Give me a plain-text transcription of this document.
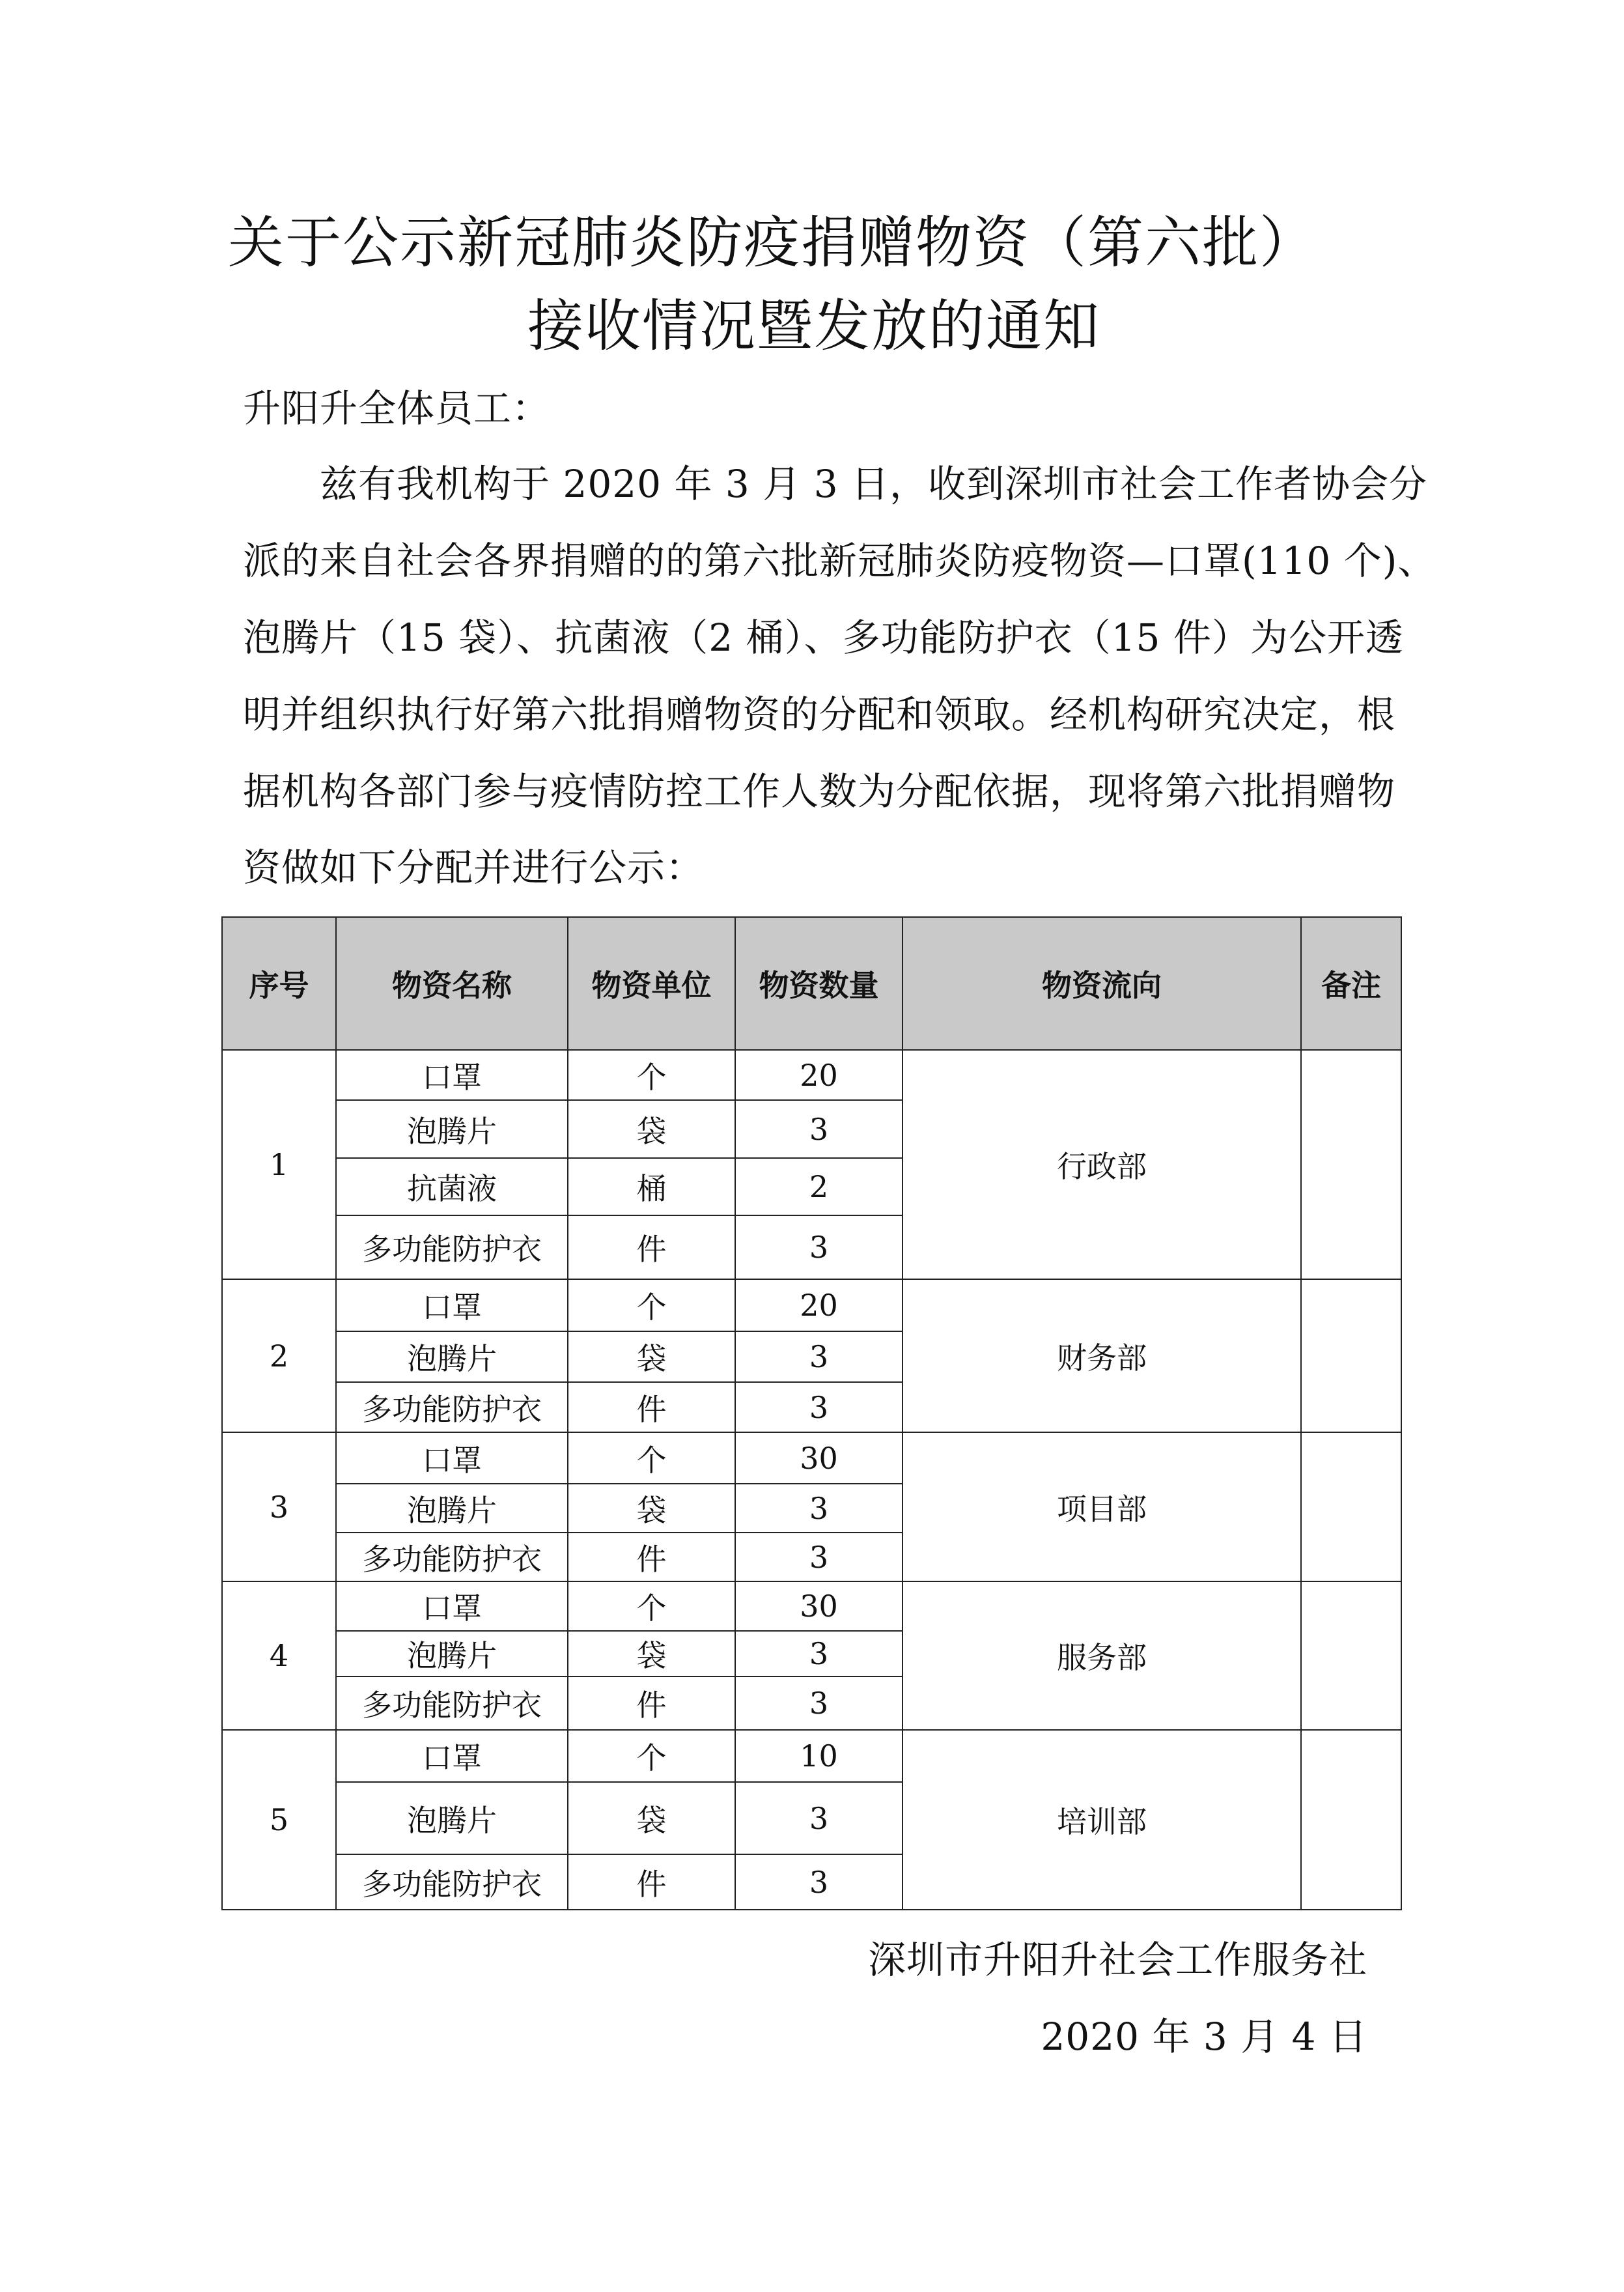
关于公示新冠肺炎防疫捐赠物资（第六批）
接收情况暨发放的通知
升阳升全体员工：
　　兹有我机构于 2020 年 3 月 3 日，收到深圳市社会工作者协会分
派的来自社会各界捐赠的的第六批新冠肺炎防疫物资—口罩(110 个)、
泡腾片（15 袋）、抗菌液（2 桶）、多功能防护衣（15 件）为公开透
明并组织执行好第六批捐赠物资的分配和领取。经机构研究决定，根
据机构各部门参与疫情防控工作人数为分配依据，现将第六批捐赠物
资做如下分配并进行公示：
序号	物资名称	物资单位	物资数量	物资流向	备注
1	口罩	个	20	行政部	
	泡腾片	袋	3		
	抗菌液	桶	2		
	多功能防护衣	件	3		
2	口罩	个	20	财务部	
	泡腾片	袋	3		
	多功能防护衣	件	3		
3	口罩	个	30	项目部	
	泡腾片	袋	3		
	多功能防护衣	件	3		
4	口罩	个	30	服务部	
	泡腾片	袋	3		
	多功能防护衣	件	3		
5	口罩	个	10	培训部	
	泡腾片	袋	3		
	多功能防护衣	件	3		
深圳市升阳升社会工作服务社
2020 年 3 月 4 日
